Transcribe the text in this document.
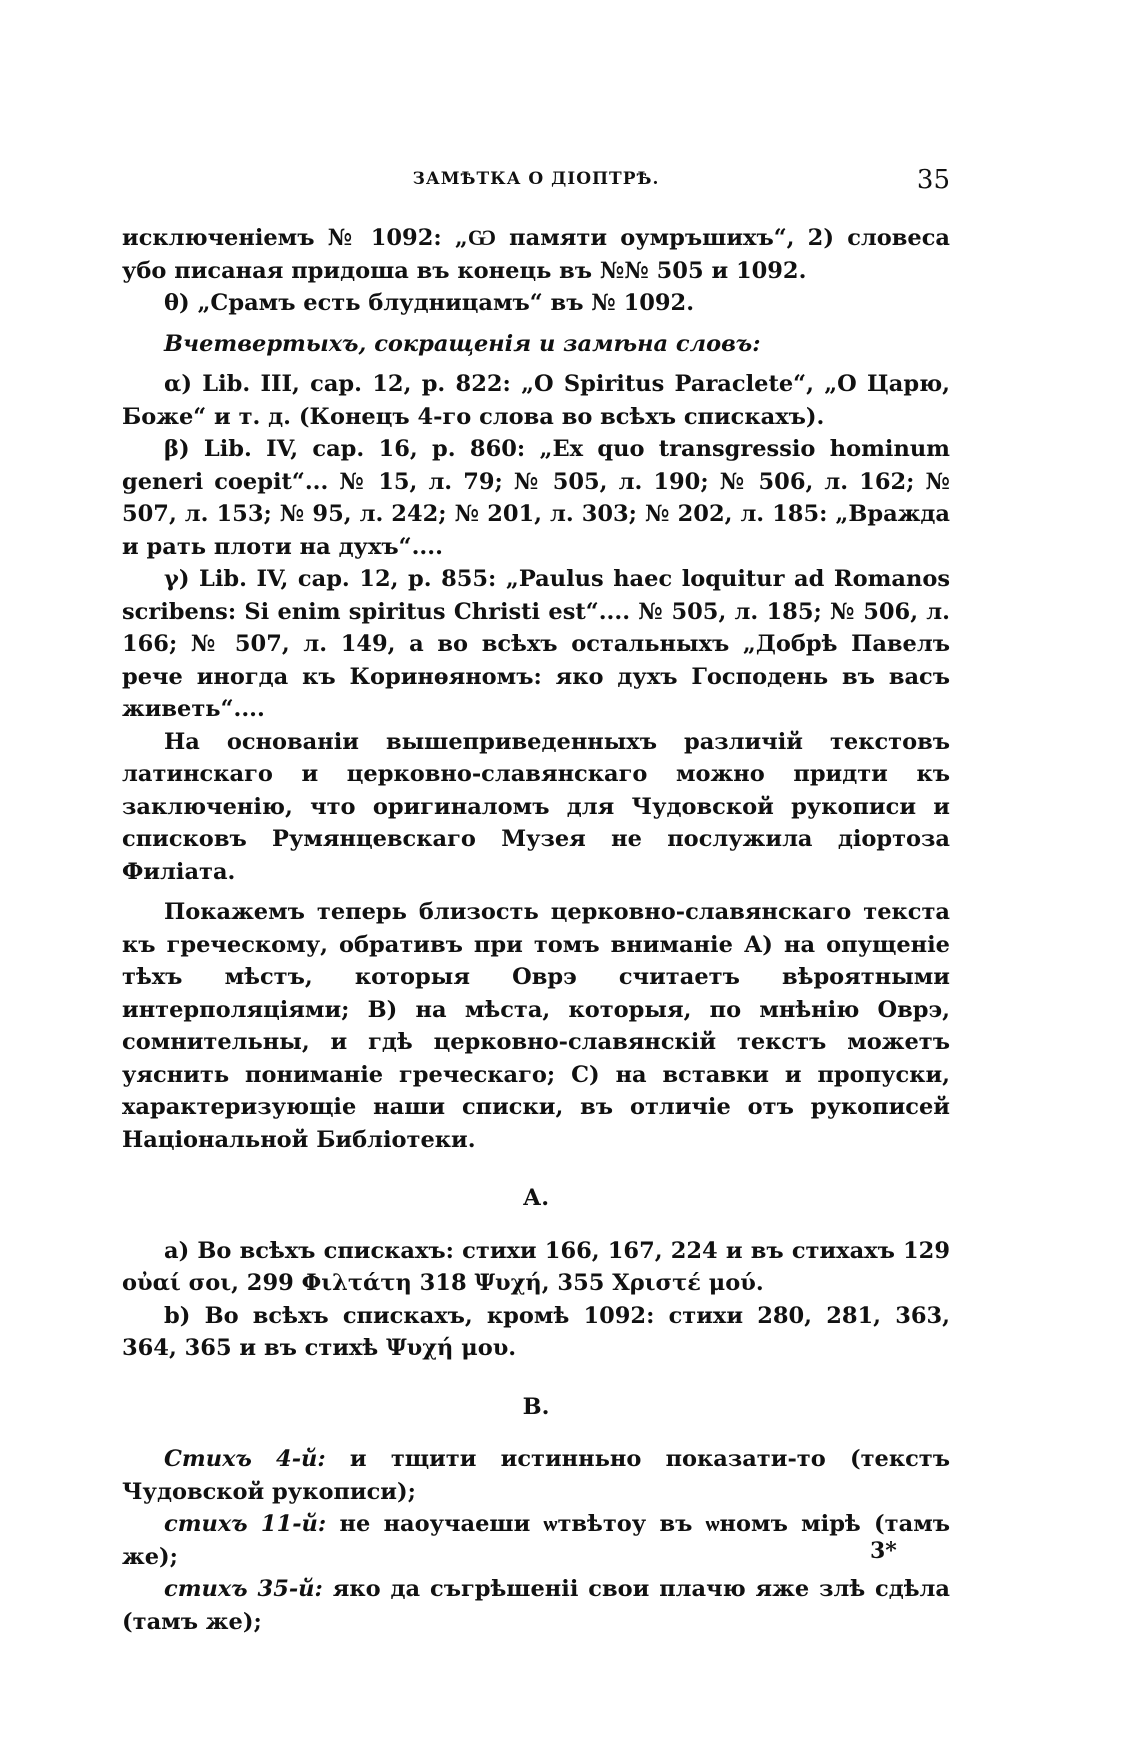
ЗАМѢТКА О ДІОПТРѢ.	35

исключеніемъ № 1092: „Ѡ памяти оумръшихъ“, 2) словеса убо писаная придоша въ конець въ №№ 505 и 1092.

θ) „Срамъ есть блудницамъ“ въ № 1092.

Вчетвертыхъ, сокращенія и замѣна словъ:

α) Lib. III, cap. 12, p. 822: „O Spiritus Paraclete“, „О Царю, Боже“ и т. д. (Конецъ 4-го слова во всѣхъ спискахъ).

β) Lib. IV, cap. 16, p. 860: „Ex quo transgressio hominum generi coepit“... № 15, л. 79; № 505, л. 190; № 506, л. 162; № 507, л. 153; № 95, л. 242; № 201, л. 303; № 202, л. 185: „Вражда и рать плоти на духъ“....

γ) Lib. IV, cap. 12, p. 855: „Paulus haec loquitur ad Romanos scribens: Si enim spiritus Christi est“.... № 505, л. 185; № 506, л. 166; № 507, л. 149, а во всѣхъ остальныхъ „Добрѣ Павелъ рече иногда къ Коринѳяномъ: яко духъ Господень въ васъ живеть“....

На основаніи вышеприведенныхъ различій текстовъ латинскаго и церковно-славянскаго можно придти къ заключенію, что оригиналомъ для Чудовской рукописи и списковъ Румянцевскаго Музея не послужила діортоза Филіата.

Покажемъ теперь близость церковно-славянскаго текста къ греческому, обративъ при томъ вниманіе А) на опущеніе тѣхъ мѣстъ, которыя Оврэ считаетъ вѣроятными интерполяціями; В) на мѣста, которыя, по мнѣнію Оврэ, сомнительны, и гдѣ церковно-славянскій текстъ можетъ уяснить пониманіе греческаго; С) на вставки и пропуски, характеризующіе наши списки, въ отличіе отъ рукописей Національной Библіотеки.

А.

a) Во всѣхъ спискахъ: стихи 166, 167, 224 и въ стихахъ 129 οὐαί σοι, 299 Φιλτάτη 318 Ψυχή, 355 Χριστέ μού.

b) Во всѣхъ спискахъ, кромѣ 1092: стихи 280, 281, 363, 364, 365 и въ стихѣ Ψυχή μου.

В.

Стихъ 4-й: и тщити истинньно показати-то (текстъ Чудовской рукописи);

стихъ 11-й: не наоучаеши ѡтвѣтоу въ ѡномъ мірѣ (тамъ же);

стихъ 35-й: яко да съгрѣшеніі свои плачю яже злѣ сдѣла (тамъ же);

3*
